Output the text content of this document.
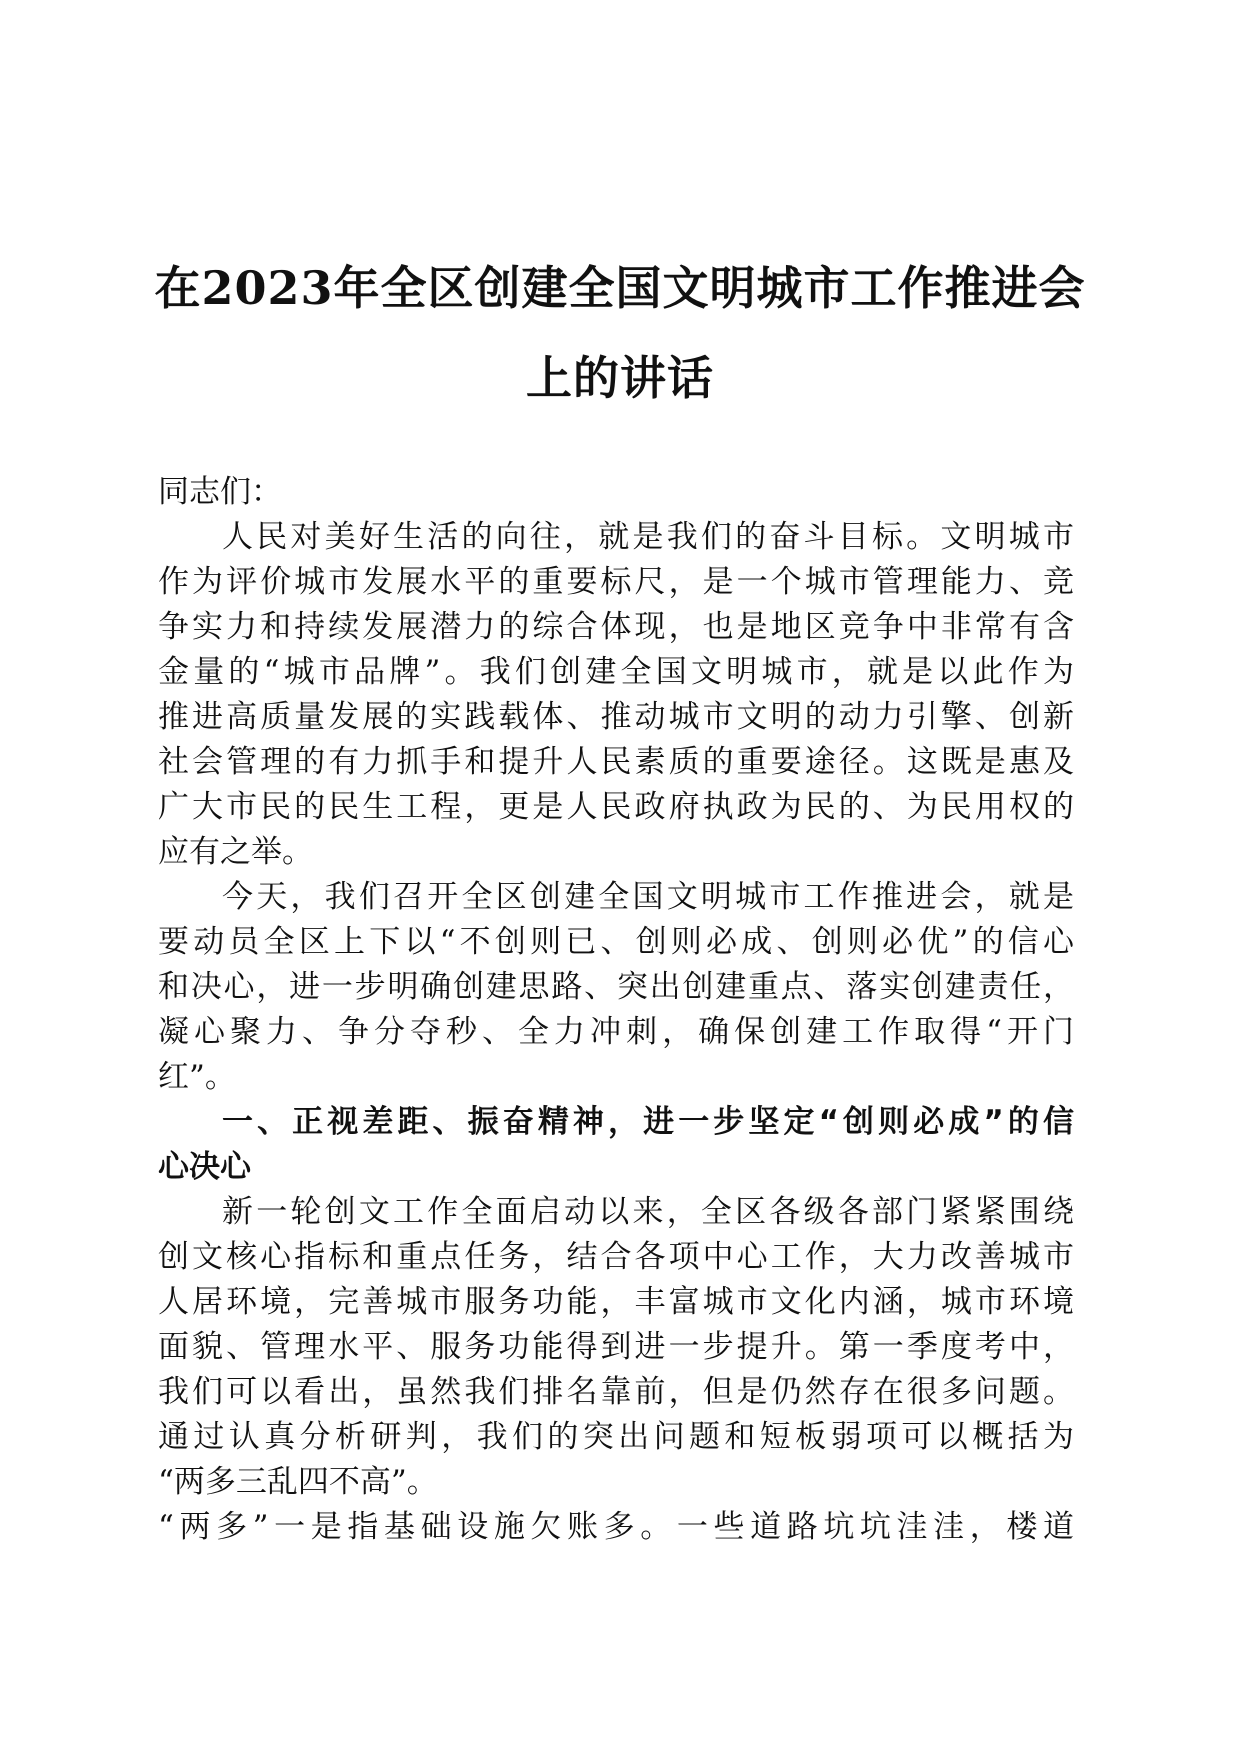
在2023年全区创建全国文明城市工作推进会
上的讲话
同志们：
人民对美好生活的向往，就是我们的奋斗目标。文明城市
作为评价城市发展水平的重要标尺，是一个城市管理能力、竞
争实力和持续发展潜力的综合体现，也是地区竞争中非常有含
金量的“城市品牌”。我们创建全国文明城市，就是以此作为
推进高质量发展的实践载体、推动城市文明的动力引擎、创新
社会管理的有力抓手和提升人民素质的重要途径。这既是惠及
广大市民的民生工程，更是人民政府执政为民的、为民用权的
应有之举。
今天，我们召开全区创建全国文明城市工作推进会，就是
要动员全区上下以“不创则已、创则必成、创则必优”的信心
和决心，进一步明确创建思路、突出创建重点、落实创建责任，
凝心聚力、争分夺秒、全力冲刺，确保创建工作取得“开门
红”。
一、正视差距、振奋精神，进一步坚定“创则必成”的信
心决心
新一轮创文工作全面启动以来，全区各级各部门紧紧围绕
创文核心指标和重点任务，结合各项中心工作，大力改善城市
人居环境，完善城市服务功能，丰富城市文化内涵，城市环境
面貌、管理水平、服务功能得到进一步提升。第一季度考中，
我们可以看出，虽然我们排名靠前，但是仍然存在很多问题。
通过认真分析研判，我们的突出问题和短板弱项可以概括为
“两多三乱四不高”。
“两多”一是指基础设施欠账多。一些道路坑坑洼洼，楼道
